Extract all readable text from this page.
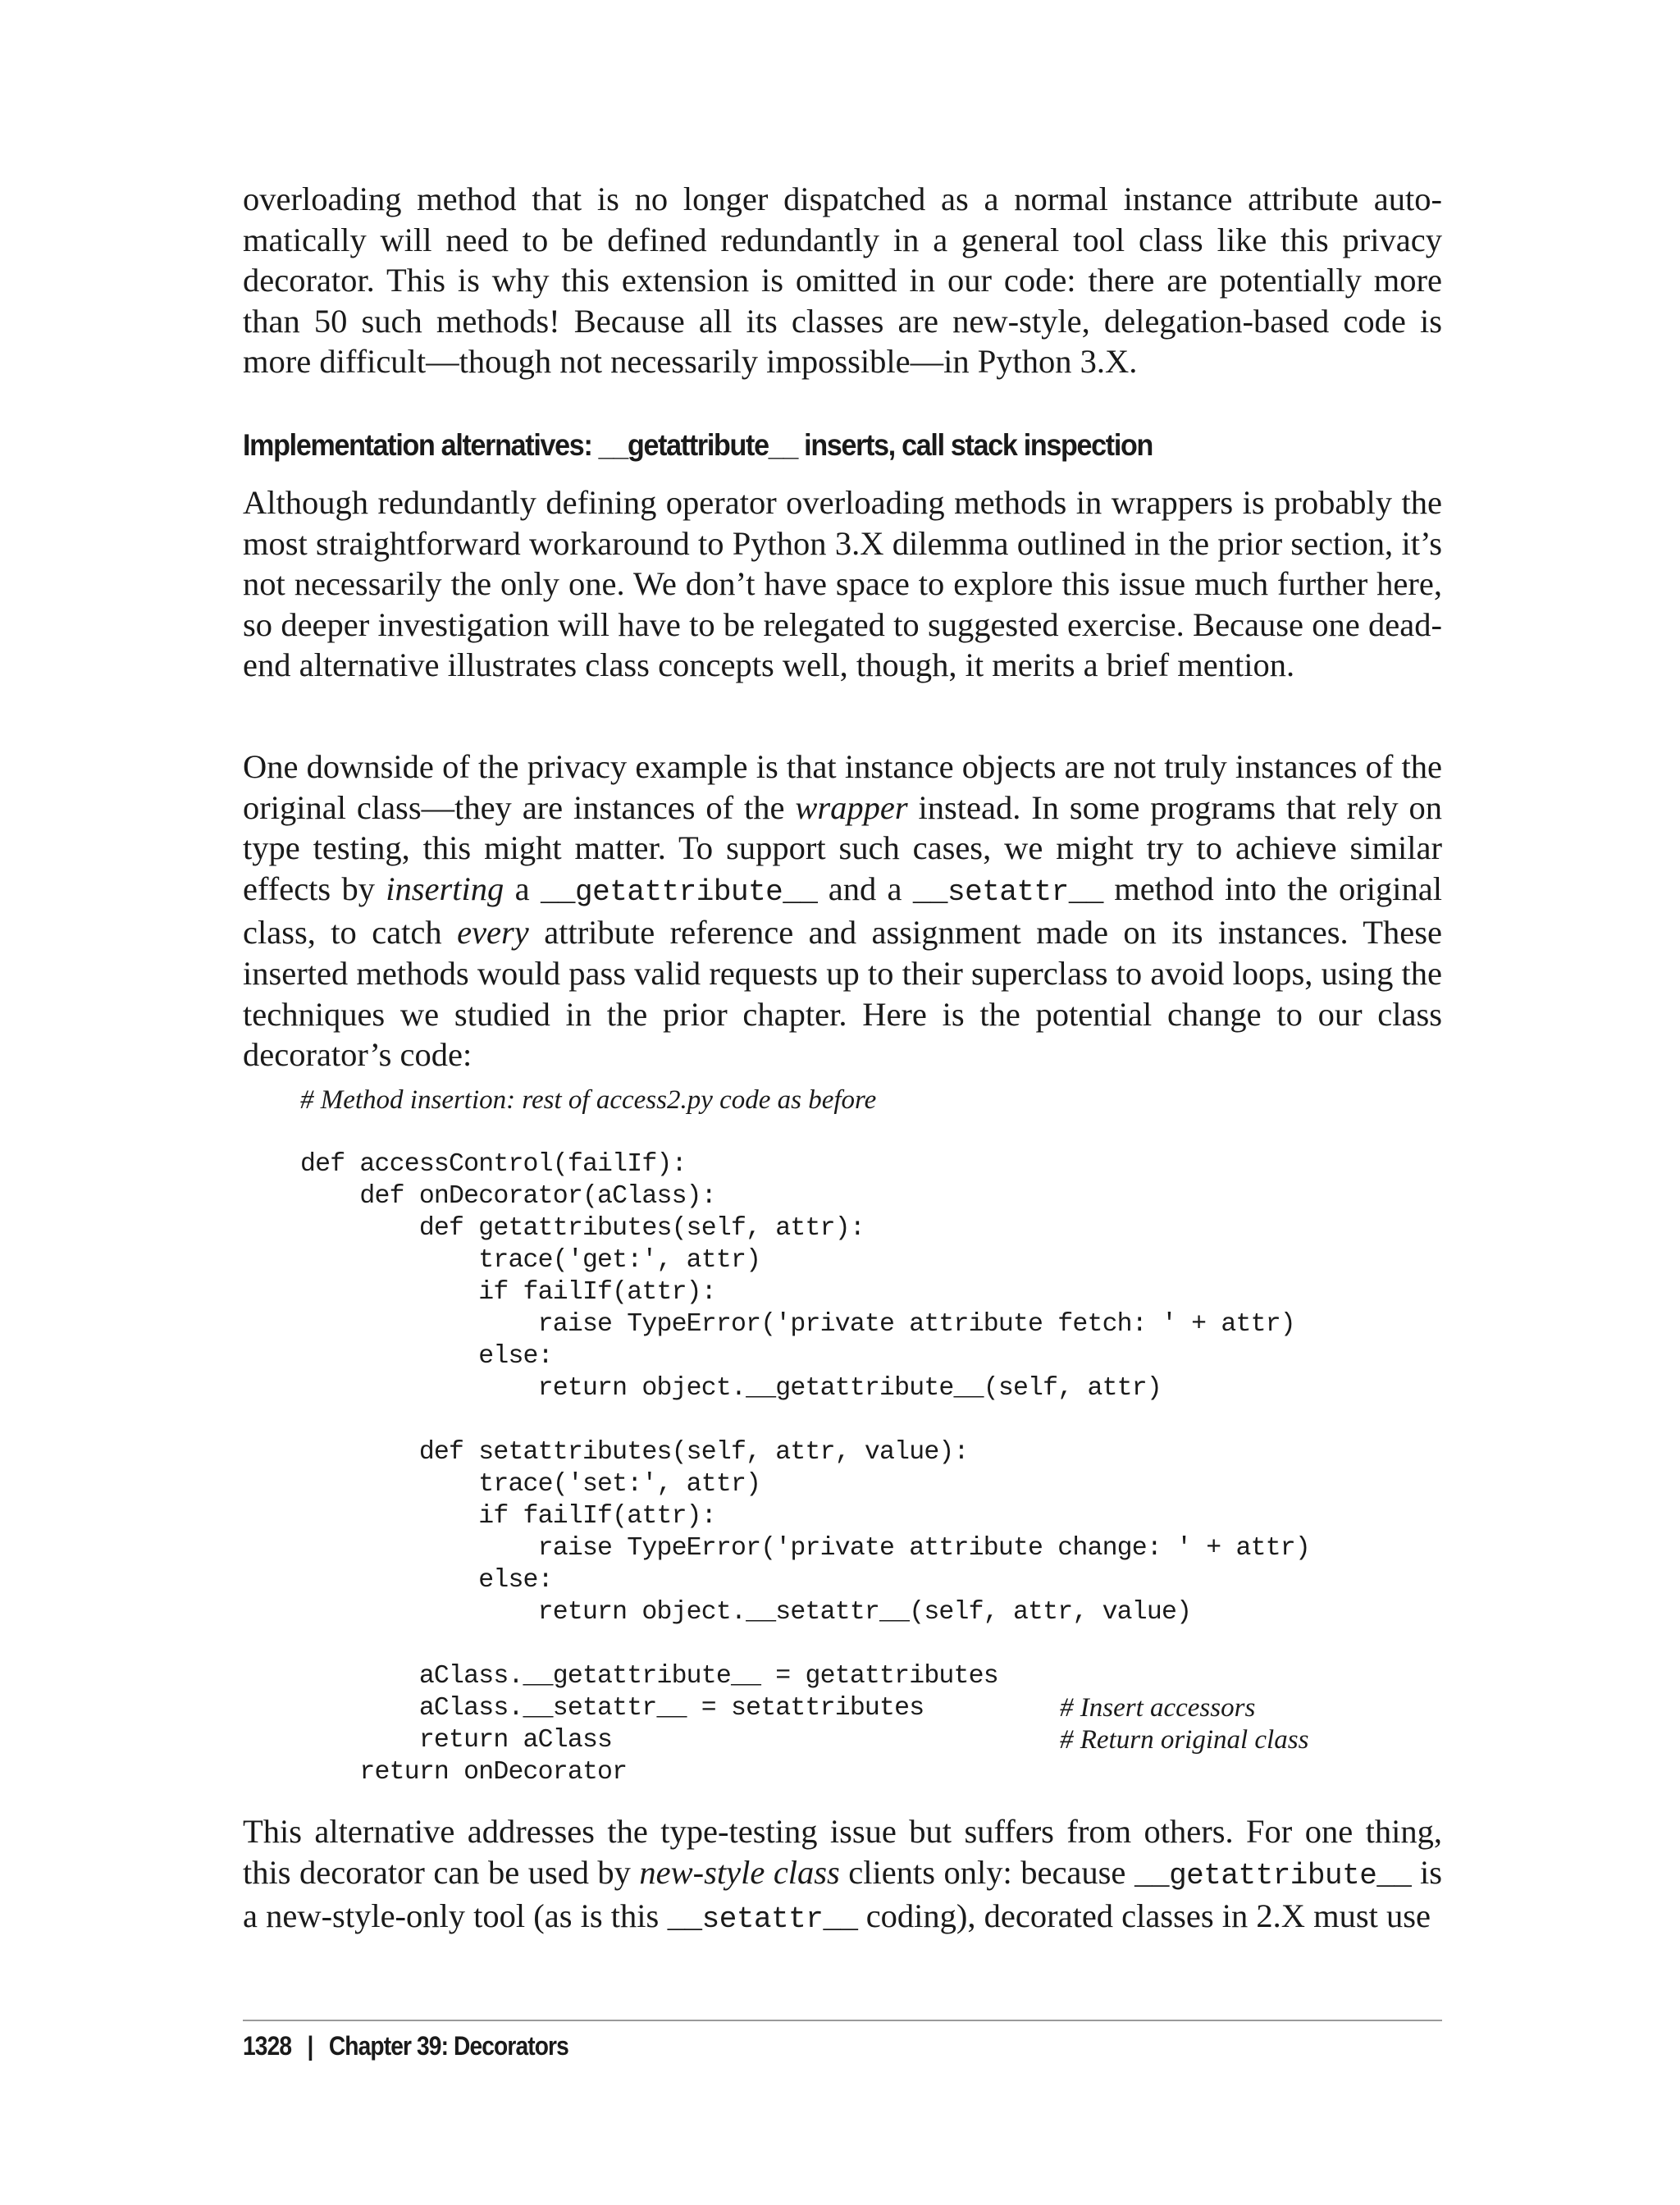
overloading method that is no longer dispatched as a normal instance attribute automatically will need to be defined redundantly in a general tool class like this privacy decorator. This is why this extension is omitted in our code: there are potentially more than 50 such methods! Because all its classes are new-style, delegation-based code is more difficult—though not necessarily impossible—in Python 3.X.

Implementation alternatives: __getattribute__ inserts, call stack inspection

Although redundantly defining operator overloading methods in wrappers is probably the most straightforward workaround to Python 3.X dilemma outlined in the prior section, it’s not necessarily the only one. We don’t have space to explore this issue much further here, so deeper investigation will have to be relegated to suggested exercise. Because one dead-end alternative illustrates class concepts well, though, it merits a brief mention.

One downside of the privacy example is that instance objects are not truly instances of the original class—they are instances of the wrapper instead. In some programs that rely on type testing, this might matter. To support such cases, we might try to achieve similar effects by inserting a __getattribute__ and a __setattr__ method into the original class, to catch every attribute reference and assignment made on its instances. These inserted methods would pass valid requests up to their superclass to avoid loops, using the techniques we studied in the prior chapter. Here is the potential change to our class decorator’s code:

# Method insertion: rest of access2.py code as before
def accessControl(failIf):
def onDecorator(aClass):
def getattributes(self, attr):
trace('get:', attr)
if failIf(attr):
raise TypeError('private attribute fetch: ' + attr)
else:
return object.__getattribute__(self, attr)
def setattributes(self, attr, value):
trace('set:', attr)
if failIf(attr):
raise TypeError('private attribute change: ' + attr)
else:
return object.__setattr__(self, attr, value)
aClass.__getattribute__ = getattributes
aClass.__setattr__ = setattributes	# Insert accessors
return aClass	# Return original class
return onDecorator

This alternative addresses the type-testing issue but suffers from others. For one thing, this decorator can be used by new-style class clients only: because __getattribute__ is a new-style-only tool (as is this __setattr__ coding), decorated classes in 2.X must use

1328 | Chapter 39: Decorators
